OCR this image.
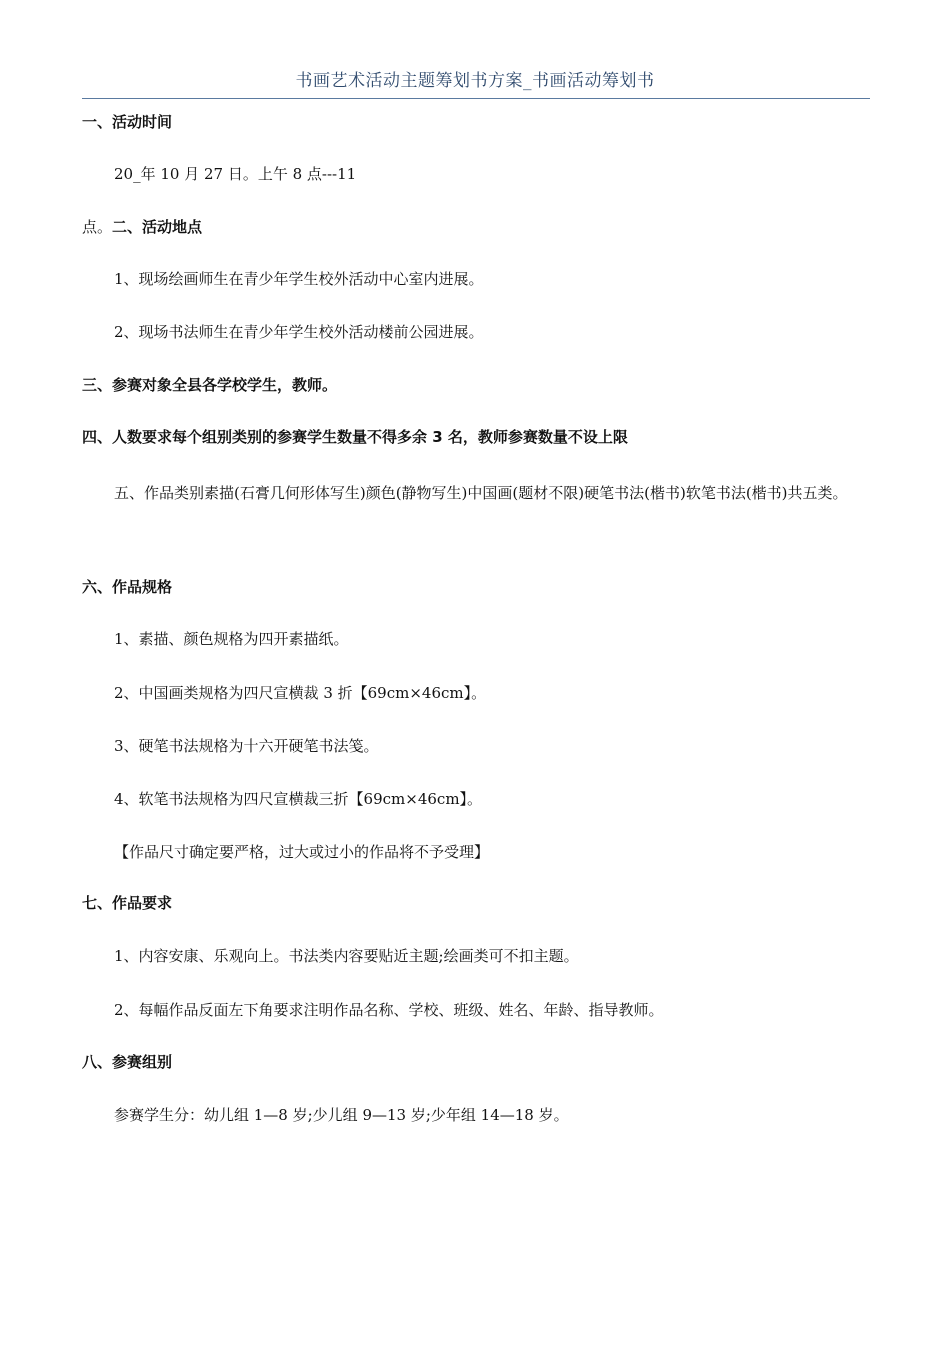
书画艺术活动主题筹划书方案_书画活动筹划书
一、活动时间
20_年 10 月 27 日。上午 8 点---11
点。二、活动地点
1、现场绘画师生在青少年学生校外活动中心室内进展。
2、现场书法师生在青少年学生校外活动楼前公园进展。
三、参赛对象全县各学校学生，教师。
四、人数要求每个组别类别的参赛学生数量不得多余 3 名，教师参赛数量不设上限
五、作品类别素描(石膏几何形体写生)颜色(静物写生)中国画(题材不限)硬笔书法(楷书)软笔书法(楷书)共五类。
六、作品规格
1、素描、颜色规格为四开素描纸。
2、中国画类规格为四尺宣横裁 3 折【69cm×46cm】。
3、硬笔书法规格为十六开硬笔书法笺。
4、软笔书法规格为四尺宣横裁三折【69cm×46cm】。
【作品尺寸确定要严格，过大或过小的作品将不予受理】
七、作品要求
1、内容安康、乐观向上。书法类内容要贴近主题;绘画类可不扣主题。
2、每幅作品反面左下角要求注明作品名称、学校、班级、姓名、年龄、指导教师。
八、参赛组别
参赛学生分：幼儿组 1—8 岁;少儿组 9—13 岁;少年组 14—18 岁。
